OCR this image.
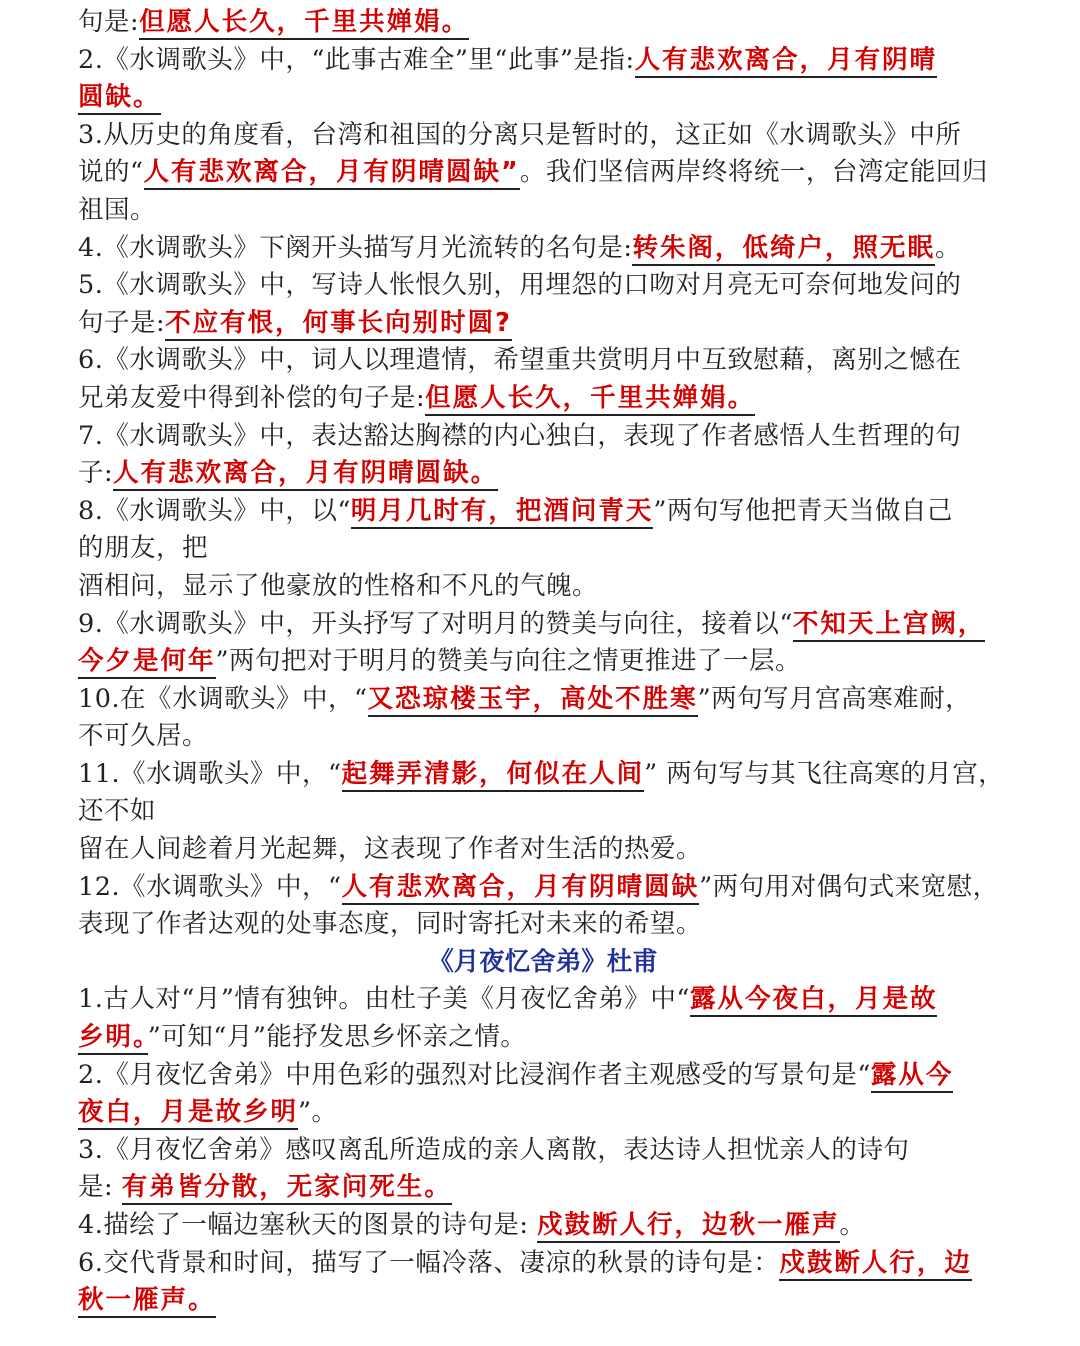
句是:但愿人长久，千里共婵娟。
2.《水调歌头》中，“此事古难全”里“此事”是指:人有悲欢离合，月有阴晴
圆缺。
3.从历史的角度看，台湾和祖国的分离只是暂时的，这正如《水调歌头》中所
说的“人有悲欢离合，月有阴晴圆缺”。我们坚信两岸终将统一，台湾定能回归
祖国。
4.《水调歌头》下阕开头描写月光流转的名句是:转朱阁，低绮户，照无眠。
5.《水调歌头》中，写诗人怅恨久别，用埋怨的口吻对月亮无可奈何地发问的
句子是:不应有恨，何事长向别时圆?
6.《水调歌头》中，词人以理遣情，希望重共赏明月中互致慰藉，离别之憾在
兄弟友爱中得到补偿的句子是:但愿人长久，千里共婵娟。
7.《水调歌头》中，表达豁达胸襟的内心独白，表现了作者感悟人生哲理的句
子:人有悲欢离合，月有阴晴圆缺。
8.《水调歌头》中，以“明月几时有，把酒问青天”两句写他把青天当做自己
的朋友，把
酒相问，显示了他豪放的性格和不凡的气魄。
9.《水调歌头》中，开头抒写了对明月的赞美与向往，接着以“不知天上宫阙，
今夕是何年”两句把对于明月的赞美与向往之情更推进了一层。
10.在《水调歌头》中，“又恐琼楼玉宇，高处不胜寒”两句写月宫高寒难耐，
不可久居。
11.《水调歌头》中，“起舞弄清影，何似在人间” 两句写与其飞往高寒的月宫，
还不如
留在人间趁着月光起舞，这表现了作者对生活的热爱。
12.《水调歌头》中，“人有悲欢离合，月有阴晴圆缺”两句用对偶句式来宽慰，
表现了作者达观的处事态度，同时寄托对未来的希望。
《月夜忆舍弟》杜甫
1.古人对“月”情有独钟。由杜子美《月夜忆舍弟》中“露从今夜白，月是故
乡明。”可知“月”能抒发思乡怀亲之情。
2.《月夜忆舍弟》中用色彩的强烈对比浸润作者主观感受的写景句是“露从今
夜白，月是故乡明”。
3.《月夜忆舍弟》感叹离乱所造成的亲人离散，表达诗人担忧亲人的诗句
是: 有弟皆分散，无家问死生。
4.描绘了一幅边塞秋天的图景的诗句是: 戍鼓断人行，边秋一雁声。
6.交代背景和时间，描写了一幅冷落、凄凉的秋景的诗句是：戍鼓断人行，边
秋一雁声。
